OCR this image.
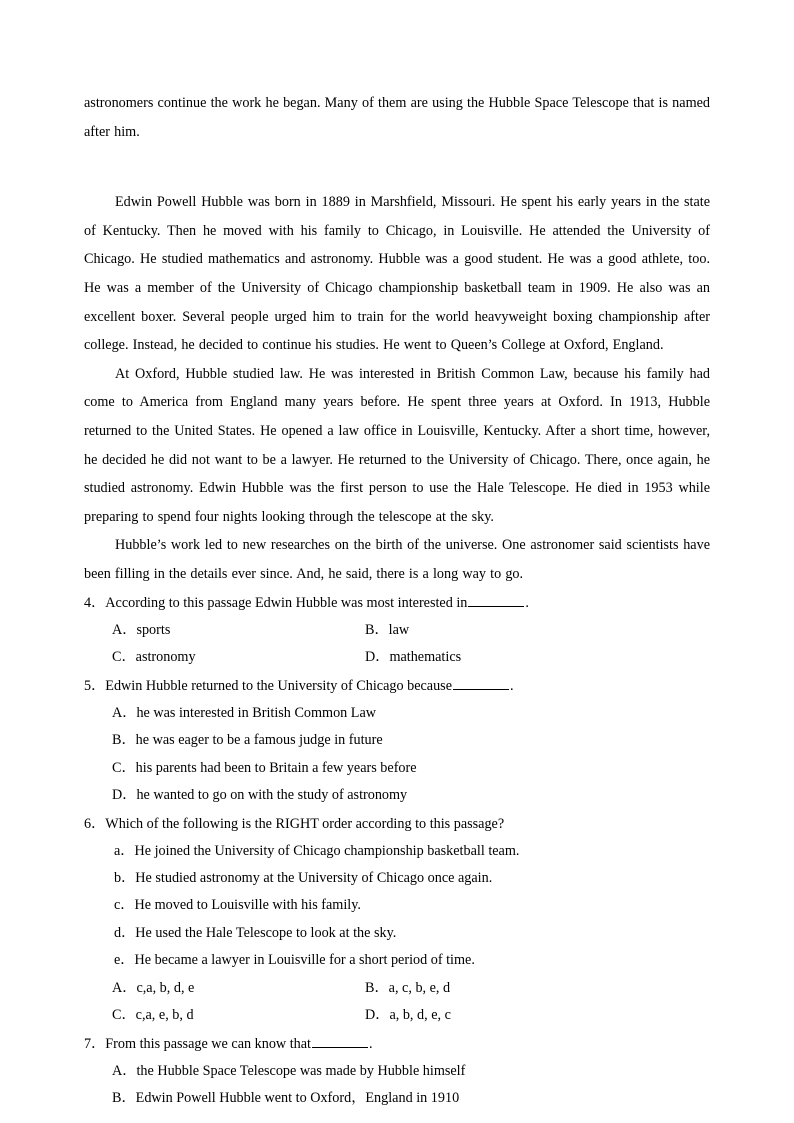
astronomers continue the work he began. Many of them are using the Hubble Space Telescope that is named after him.

Edwin Powell Hubble was born in 1889 in Marshfield, Missouri. He spent his early years in the state of Kentucky. Then he moved with his family to Chicago, in Louisville. He attended the University of Chicago. He studied mathematics and astronomy. Hubble was a good student. He was a good athlete, too. He was a member of the University of Chicago championship basketball team in 1909. He also was an excellent boxer. Several people urged him to train for the world heavyweight boxing championship after college. Instead, he decided to continue his studies. He went to Queen’s College at Oxford, England.

At Oxford, Hubble studied law. He was interested in British Common Law, because his family had come to America from England many years before. He spent three years at Oxford. In 1913, Hubble returned to the United States. He opened a law office in Louisville, Kentucky. After a short time, however, he decided he did not want to be a lawyer. He returned to the University of Chicago. There, once again, he studied astronomy. Edwin Hubble was the first person to use the Hale Telescope. He died in 1953 while preparing to spend four nights looking through the telescope at the sky.

Hubble’s work led to new researches on the birth of the universe. One astronomer said scientists have been filling in the details ever since. And, he said, there is a long way to go.

4．According to this passage Edwin Hubble was most interested in	.

A．sports	B．law
C．astronomy	D．mathematics

5．Edwin Hubble returned to the University of Chicago because	.

A．he was interested in British Common Law

B．he was eager to be a famous judge in future

C．his parents had been to Britain a few years before

D．he wanted to go on with the study of astronomy

6．Which of the following is the RIGHT order according to this passage?

a．He joined the University of Chicago championship basketball team.

b．He studied astronomy at the University of Chicago once again.

c．He moved to Louisville with his family.

d．He used the Hale Telescope to look at the sky.

e．He became a lawyer in Louisville for a short period of time.

A．c,a, b, d, e	B．a, c, b, e, d
C．c,a, e, b, d	D．a, b, d, e, c

7．From this passage we can know that	.

A．the Hubble Space Telescope was made by Hubble himself

B．Edwin Powell Hubble went to Oxford，England in 1910
